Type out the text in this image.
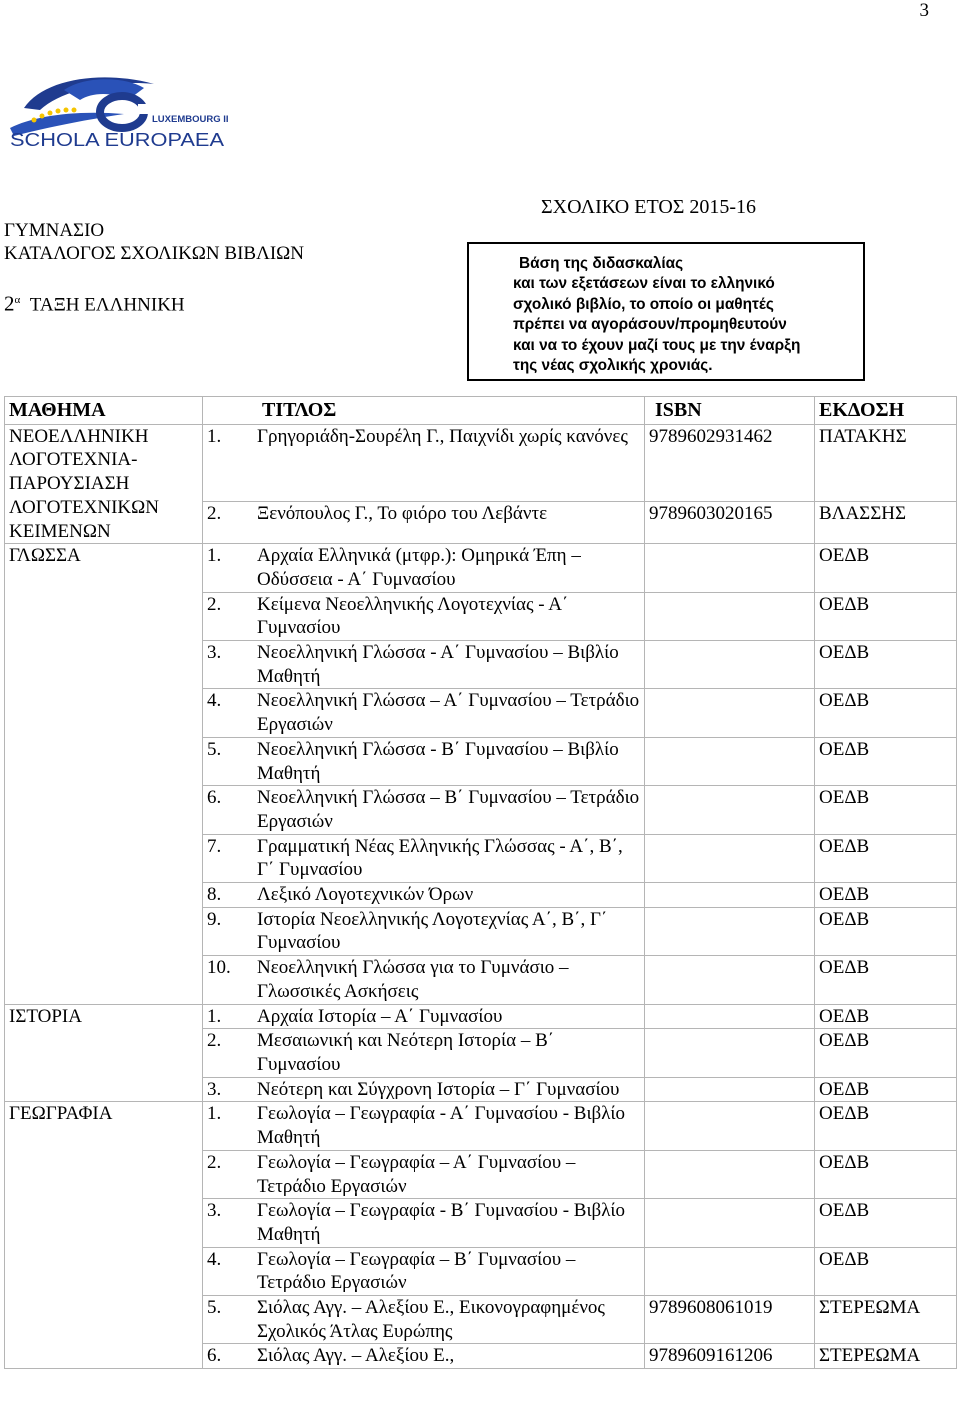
3
LUXEMBOURG II
SCHOLA EUROPAEA
ΓΥΜΝΑΣΙΟ
ΚΑΤΑΛΟΓΟΣ ΣΧΟΛΙΚΩΝ ΒΙΒΛΙΩΝ
$2^\alpha$ ΤΑΞΗ ΕΛΛΗΝΙΚΗ
ΣΧΟΛΙΚΟ ΕΤΟΣ 2015-16
Βάση της διδασκαλίας
και των εξετάσεων είναι το ελληνικό
σχολικό βιβλίο, το οποίο οι μαθητές
πρέπει να αγοράσουν/προμηθευτούν
και να το έχουν μαζί τους με την έναρξη
της νέας σχολικής χρονιάς.
ΜΑΘΗΜΑ	ΤΙΤΛΟΣ	ISBN	ΕΚΔΟΣΗ
ΝΕΟΕΛΛΗΝΙΚΗ ΛΟΓΟΤΕΧΝΙΑ- ΠΑΡΟΥΣΙΑΣΗ ΛΟΓΟΤΕΧΝΙΚΩΝ ΚΕΙΜΕΝΩΝ	1. Γρηγοριάδη-Σουρέλη Γ., Παιχνίδι χωρίς κανόνες	9789602931462	ΠΑΤΑΚΗΣ

	2. Ξενόπουλος Γ., Το φιόρο του Λεβάντε	9789603020165	ΒΛΑΣΣΗΣ
ΓΛΩΣΣΑ	1. Αρχαία Ελληνικά (μτφρ.): Ομηρικά Έπη – Οδύσσεια - Α΄ Γυμνασίου		ΟΕΔΒ

	2. Κείμενα Νεοελληνικής Λογοτεχνίας - Α΄ Γυμνασίου		ΟΕΔΒ

	3. Νεοελληνική Γλώσσα - Α΄ Γυμνασίου – Βιβλίο Μαθητή		ΟΕΔΒ

	4. Νεοελληνική Γλώσσα – Α΄ Γυμνασίου – Τετράδιο Εργασιών		ΟΕΔΒ

	5. Νεοελληνική Γλώσσα - Β΄ Γυμνασίου – Βιβλίο Μαθητή		ΟΕΔΒ

	6. Νεοελληνική Γλώσσα – Β΄ Γυμνασίου – Τετράδιο Εργασιών		ΟΕΔΒ

	7. Γραμματική Νέας Ελληνικής Γλώσσας - Α΄, Β΄, Γ΄ Γυμνασίου		ΟΕΔΒ

	8. Λεξικό Λογοτεχνικών Όρων		ΟΕΔΒ

	9. Ιστορία Νεοελληνικής Λογοτεχνίας Α΄, Β΄, Γ΄ Γυμνασίου		ΟΕΔΒ

	10. Νεοελληνική Γλώσσα για το Γυμνάσιο – Γλωσσικές Ασκήσεις		ΟΕΔΒ
ΙΣΤΟΡΙΑ	1. Αρχαία Ιστορία – Α΄ Γυμνασίου		ΟΕΔΒ

	2. Μεσαιωνική και Νεότερη Ιστορία – Β΄ Γυμνασίου		ΟΕΔΒ

	3. Νεότερη και Σύγχρονη Ιστορία – Γ΄ Γυμνασίου		ΟΕΔΒ
ΓΕΩΓΡΑΦΙΑ	1. Γεωλογία – Γεωγραφία - Α΄ Γυμνασίου - Βιβλίο Μαθητή		ΟΕΔΒ

	2. Γεωλογία – Γεωγραφία – Α΄ Γυμνασίου – Τετράδιο Εργασιών		ΟΕΔΒ

	3. Γεωλογία – Γεωγραφία - Β΄ Γυμνασίου - Βιβλίο Μαθητή		ΟΕΔΒ

	4. Γεωλογία – Γεωγραφία – Β΄ Γυμνασίου – Τετράδιο Εργασιών		ΟΕΔΒ

	5. Σιόλας Αγγ. – Αλεξίου Ε., Εικονογραφημένος Σχολικός Άτλας Ευρώπης	9789608061019	ΣΤΕΡΕΩΜΑ

	6. Σιόλας Αγγ. – Αλεξίου Ε.,	9789609161206	ΣΤΕΡΕΩΜΑ
